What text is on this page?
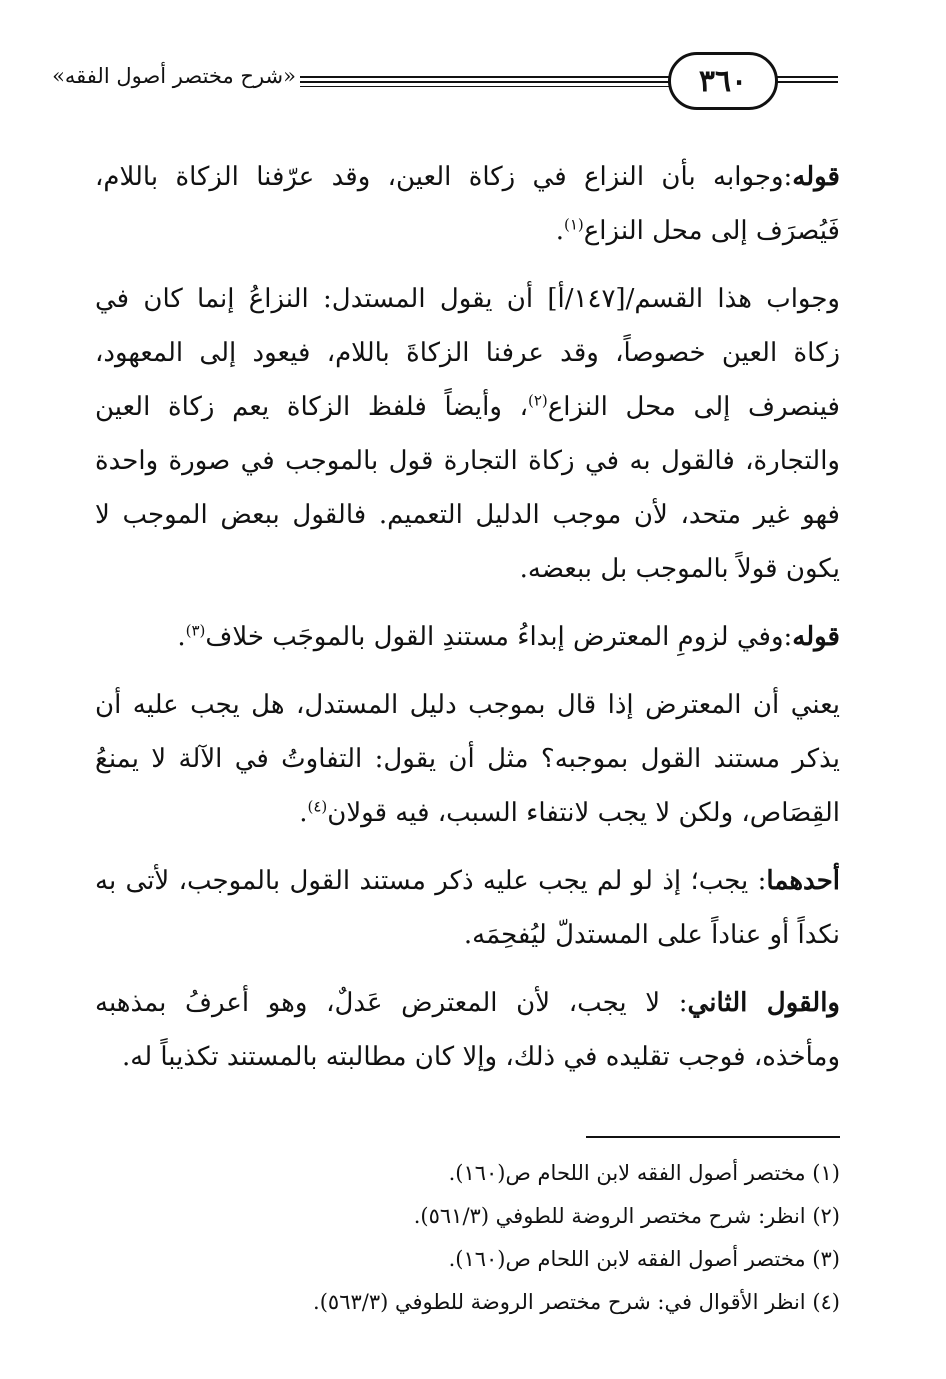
«شرح مختصر أصول الفقه»	٣٦٠

قوله:وجوابه بأن النزاع في زكاة العين، وقد عرّفنا الزكاة باللام، فَيُصرَف إلى محل النزاع$^{(١)}$.

وجواب هذا القسم/[١٤٧/أ] أن يقول المستدل: النزاعُ إنما كان في زكاة العين خصوصاً، وقد عرفنا الزكاةَ باللام، فيعود إلى المعهود، فينصرف إلى محل النزاع$^{(٢)}$، وأيضاً فلفظ الزكاة يعم زكاة العين والتجارة، فالقول به في زكاة التجارة قول بالموجب في صورة واحدة فهو غير متحد، لأن موجب الدليل التعميم. فالقول ببعض الموجب لا يكون قولاً بالموجب بل ببعضه.

قوله:وفي لزومِ المعترض إبداءُ مستندِ القول بالموجَب خلاف$^{(٣)}$.

يعني أن المعترض إذا قال بموجب دليل المستدل، هل يجب عليه أن يذكر مستند القول بموجبه؟ مثل أن يقول: التفاوتُ في الآلة لا يمنعُ القِصَاص، ولكن لا يجب لانتفاء السبب، فيه قولان$^{(٤)}$.

أحدهما: يجب؛ إذ لو لم يجب عليه ذكر مستند القول بالموجب، لأتى به نكداً أو عناداً على المستدلّ ليُفحِمَه.

والقول الثاني: لا يجب، لأن المعترض عَدلٌ، وهو أعرفُ بمذهبه ومأخذه، فوجب تقليده في ذلك، وإلا كان مطالبته بالمستند تكذيباً له.

(١) مختصر أصول الفقه لابن اللحام ص(١٦٠).

(٢) انظر: شرح مختصر الروضة للطوفي (٥٦١/٣).

(٣) مختصر أصول الفقه لابن اللحام ص(١٦٠).

(٤) انظر الأقوال في: شرح مختصر الروضة للطوفي (٥٦٣/٣).
